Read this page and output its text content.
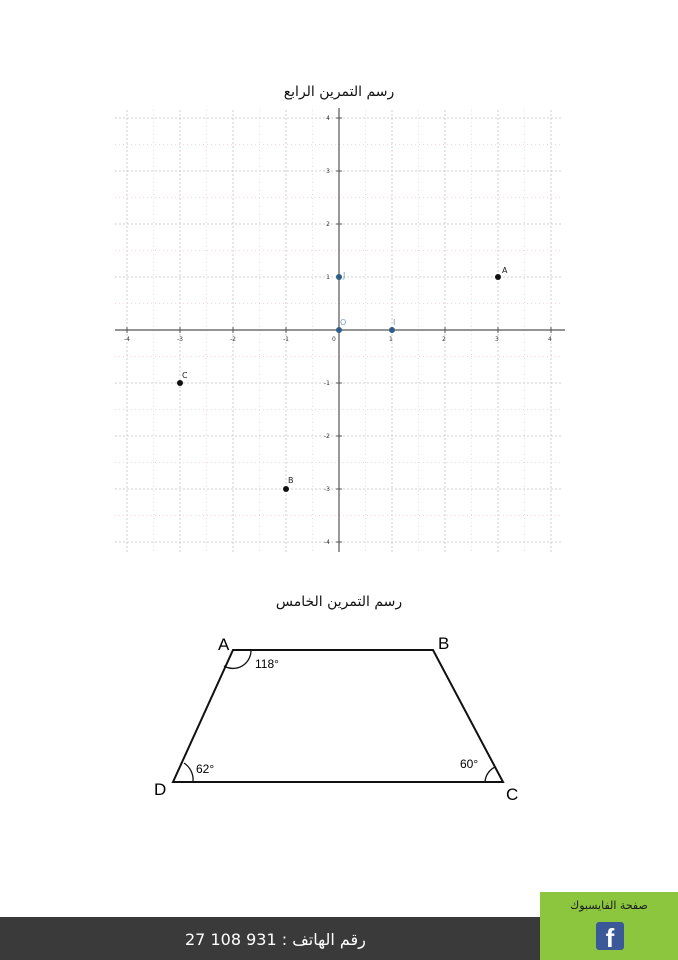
رسم التمرين الرابع
-4	-3	-2	-1	0	1	2	3	4
4
3
2
1
-1
-2
-3
-4
A
B
C
O	I
J
رسم التمرين الخامس
A	B
C
D
118°
62°	60°
رقم الهاتف : 931 108 27
صفحة الفايسبوك
f
